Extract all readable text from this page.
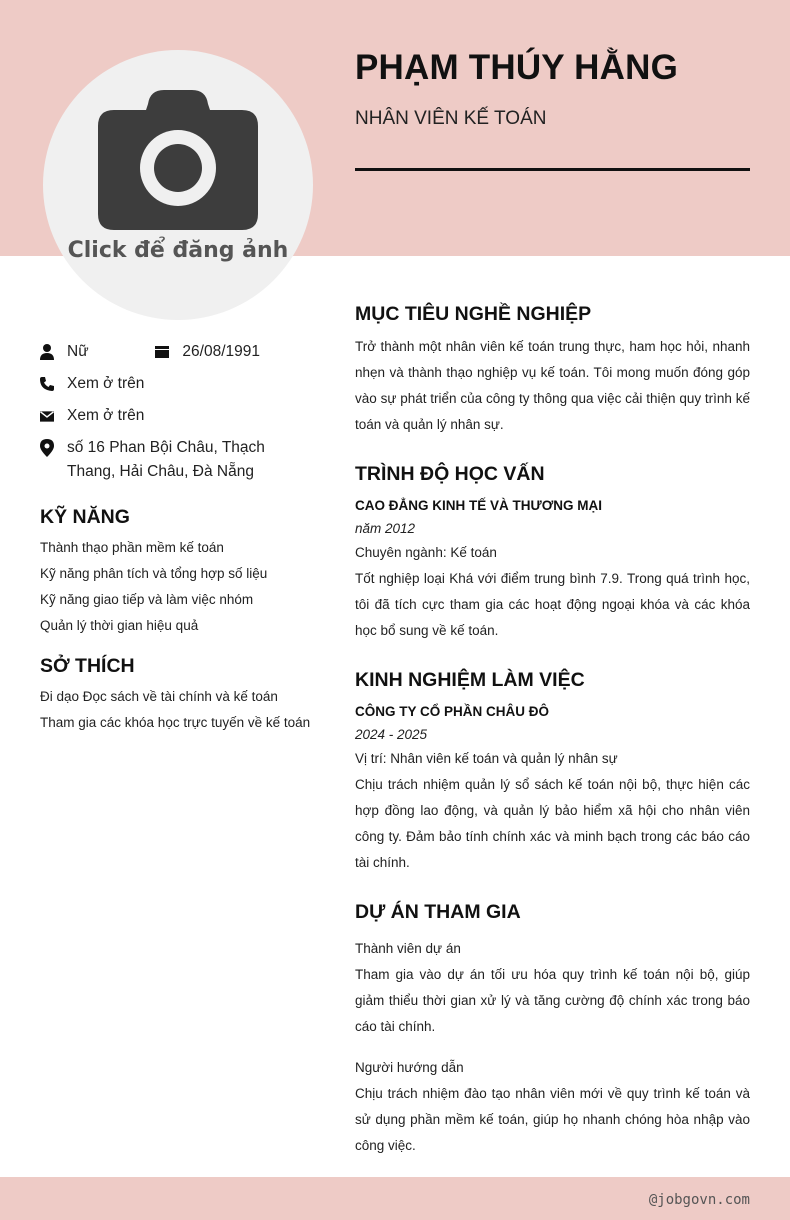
Click để đăng ảnh
PHẠM THÚY HẰNG
NHÂN VIÊN KẾ TOÁN
Nữ	26/08/1991
Xem ở trên
Xem ở trên
số 16 Phan Bội Châu, Thạch Thang, Hải Châu, Đà Nẵng
KỸ NĂNG
Thành thạo phần mềm kế toán
Kỹ năng phân tích và tổng hợp số liệu
Kỹ năng giao tiếp và làm việc nhóm
Quản lý thời gian hiệu quả
SỞ THÍCH
Đi dạo Đọc sách về tài chính và kế toán
Tham gia các khóa học trực tuyến về kế toán
MỤC TIÊU NGHỀ NGHIỆP

Trở thành một nhân viên kế toán trung thực, ham học hỏi, nhanh nhẹn và thành thạo nghiệp vụ kế toán. Tôi mong muốn đóng góp vào sự phát triển của công ty thông qua việc cải thiện quy trình kế toán và quản lý nhân sự.

TRÌNH ĐỘ HỌC VẤN
CAO ĐẲNG KINH TẾ VÀ THƯƠNG MẠI
năm 2012
Chuyên ngành: Kế toán

Tốt nghiệp loại Khá với điểm trung bình 7.9. Trong quá trình học, tôi đã tích cực tham gia các hoạt động ngoại khóa và các khóa học bổ sung về kế toán.

KINH NGHIỆM LÀM VIỆC
CÔNG TY CỔ PHẦN CHÂU ĐÔ
2024 - 2025
Vị trí: Nhân viên kế toán và quản lý nhân sự

Chịu trách nhiệm quản lý sổ sách kế toán nội bộ, thực hiện các hợp đồng lao động, và quản lý bảo hiểm xã hội cho nhân viên công ty. Đảm bảo tính chính xác và minh bạch trong các báo cáo tài chính.

DỰ ÁN THAM GIA
Thành viên dự án

Tham gia vào dự án tối ưu hóa quy trình kế toán nội bộ, giúp giảm thiểu thời gian xử lý và tăng cường độ chính xác trong báo cáo tài chính.

Người hướng dẫn

Chịu trách nhiệm đào tạo nhân viên mới về quy trình kế toán và sử dụng phần mềm kế toán, giúp họ nhanh chóng hòa nhập vào công việc.

@jobgovn.com
